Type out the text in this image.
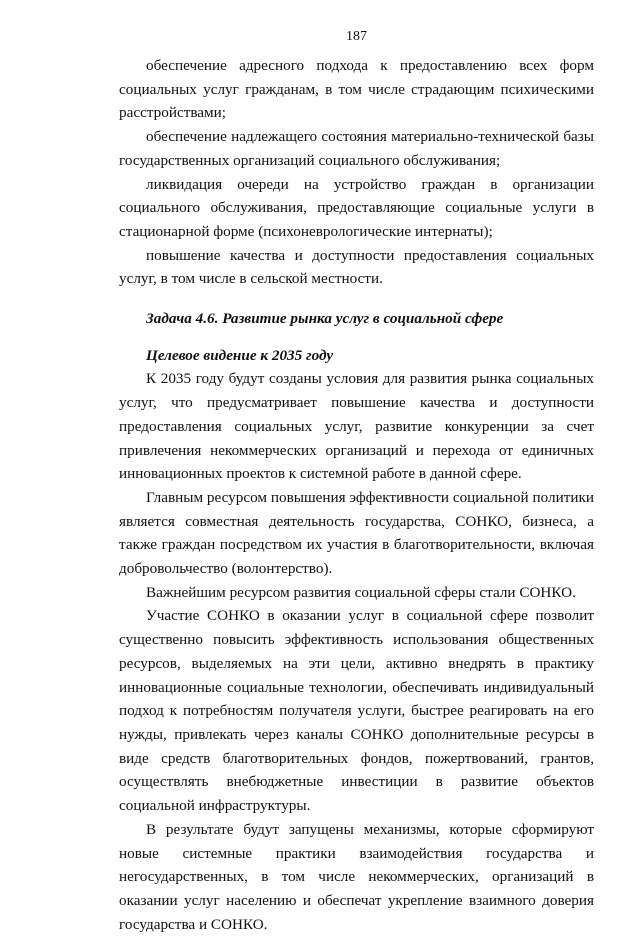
187

обеспечение адресного подхода к предоставлению всех форм социальных услуг гражданам, в том числе страдающим психическими расстройствами;

обеспечение надлежащего состояния материально-технической базы государственных организаций социального обслуживания;

ликвидация очереди на устройство граждан в организации социального обслуживания, предоставляющие социальные услуги в стационарной форме (психоневрологические интернаты);

повышение качества и доступности предоставления социальных услуг, в том числе в сельской местности.

Задача 4.6. Развитие рынка услуг в социальной сфере

Целевое видение к 2035 году

К 2035 году будут созданы условия для развития рынка социальных услуг, что предусматривает повышение качества и доступности предоставления социальных услуг, развитие конкуренции за счет привлечения некоммерческих организаций и перехода от единичных инновационных проектов к системной работе в данной сфере.

Главным ресурсом повышения эффективности социальной политики является совместная деятельность государства, СОНКО, бизнеса, а также граждан посредством их участия в благотворительности, включая добровольчество (волонтерство).

Важнейшим ресурсом развития социальной сферы стали СОНКО.

Участие СОНКО в оказании услуг в социальной сфере позволит существенно повысить эффективность использования общественных ресурсов, выделяемых на эти цели, активно внедрять в практику инновационные социальные технологии, обеспечивать индивидуальный подход к потребностям получателя услуги, быстрее реагировать на его нужды, привлекать через каналы СОНКО дополнительные ресурсы в виде средств благотворительных фондов, пожертвований, грантов, осуществлять внебюджетные инвестиции в развитие объектов социальной инфраструктуры.

В результате будут запущены механизмы, которые сформируют новые системные практики взаимодействия государства и негосударственных, в том числе некоммерческих, организаций в оказании услуг населению и обеспечат укрепление взаимного доверия государства и СОНКО.
